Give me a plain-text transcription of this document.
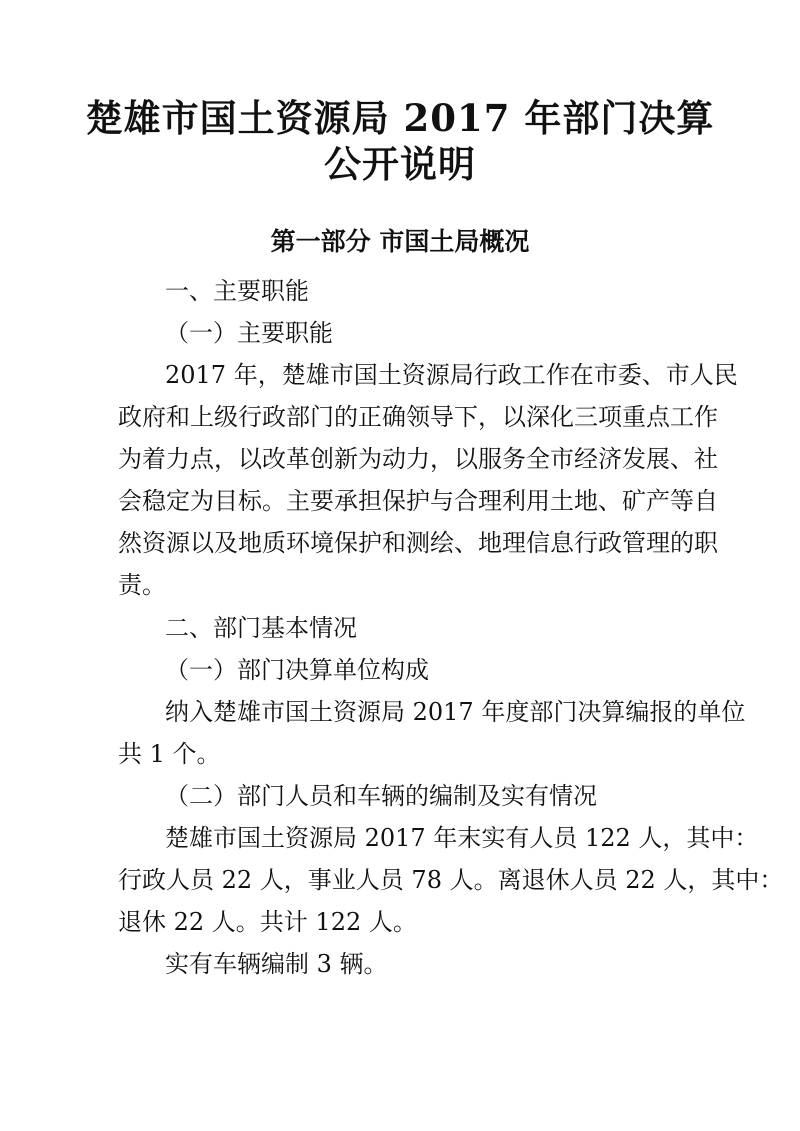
楚雄市国土资源局 2017 年部门决算
公开说明
第一部分 市国土局概况

一、主要职能

（一）主要职能

2017 年，楚雄市国土资源局行政工作在市委、市人民

政府和上级行政部门的正确领导下，以深化三项重点工作

为着力点，以改革创新为动力，以服务全市经济发展、社

会稳定为目标。主要承担保护与合理利用土地、矿产等自

然资源以及地质环境保护和测绘、地理信息行政管理的职

责。

二、部门基本情况

（一）部门决算单位构成

纳入楚雄市国土资源局 2017 年度部门决算编报的单位

共 1 个。

（二）部门人员和车辆的编制及实有情况

楚雄市国土资源局 2017 年末实有人员 122 人，其中：

行政人员 22 人，事业人员 78 人。离退休人员 22 人，其中：

退休 22 人。共计 122 人。

实有车辆编制 3 辆。
